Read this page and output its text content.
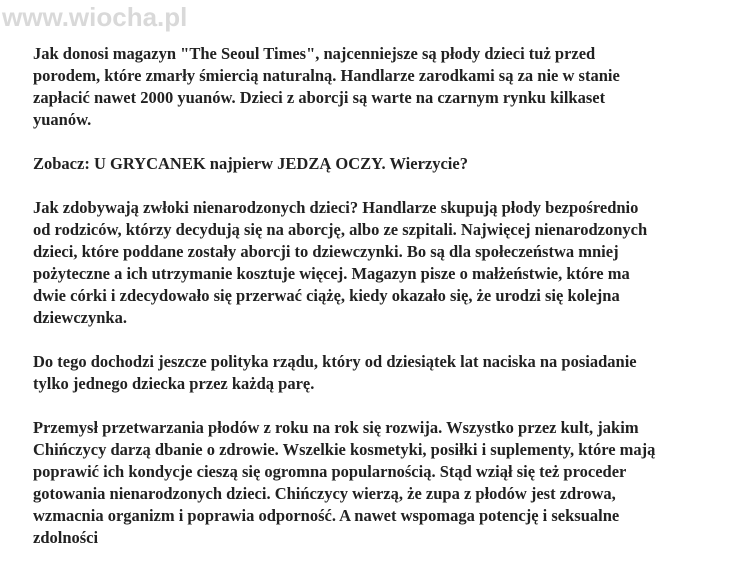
www.wiocha.pl

Jak donosi magazyn "The Seoul Times", najcenniejsze są płody dzieci tuż przed
porodem, które zmarły śmiercią naturalną. Handlarze zarodkami są za nie w stanie
zapłacić nawet 2000 yuanów. Dzieci z aborcji są warte na czarnym rynku kilkaset
yuanów.

Zobacz: U GRYCANEK najpierw JEDZĄ OCZY. Wierzycie?

Jak zdobywają zwłoki nienarodzonych dzieci? Handlarze skupują płody bezpośrednio
od rodziców, którzy decydują się na aborcję, albo ze szpitali. Najwięcej nienarodzonych
dzieci, które poddane zostały aborcji to dziewczynki. Bo są dla społeczeństwa mniej
pożyteczne a ich utrzymanie kosztuje więcej. Magazyn pisze o małżeństwie, które ma
dwie córki i zdecydowało się przerwać ciążę, kiedy okazało się, że urodzi się kolejna
dziewczynka.

Do tego dochodzi jeszcze polityka rządu, który od dziesiątek lat naciska na posiadanie
tylko jednego dziecka przez każdą parę.

Przemysł przetwarzania płodów z roku na rok się rozwija. Wszystko przez kult, jakim
Chińczycy darzą dbanie o zdrowie. Wszelkie kosmetyki, posiłki i suplementy, które mają
poprawić ich kondycje cieszą się ogromna popularnością. Stąd wziął się też proceder
gotowania nienarodzonych dzieci. Chińczycy wierzą, że zupa z płodów jest zdrowa,
wzmacnia organizm i poprawia odporność. A nawet wspomaga potencję i seksualne
zdolności
